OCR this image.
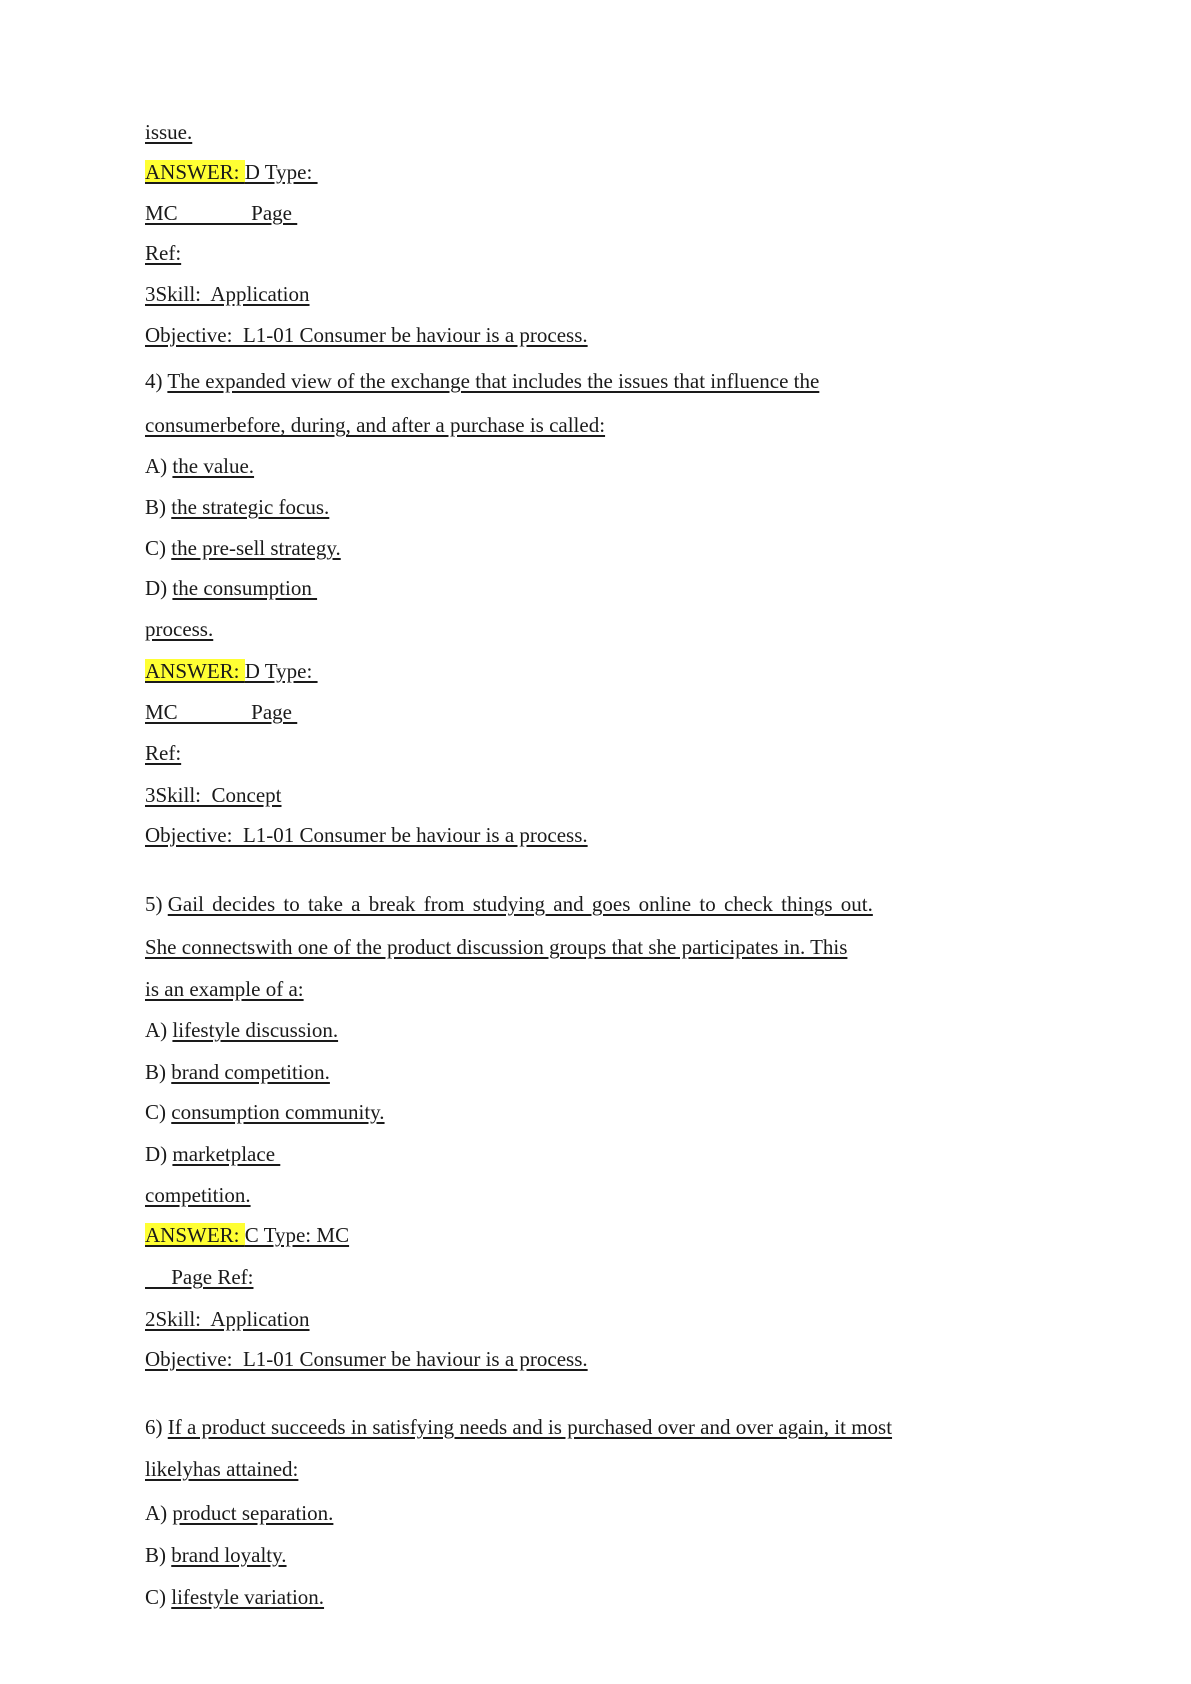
issue.
ANSWER: D Type:
MC              Page
Ref:
3Skill:  Application
Objective:  L1-01 Consumer be haviour is a process.
4) The expanded view of the exchange that includes the issues that influence the
consumerbefore, during, and after a purchase is called:
A) the value.
B) the strategic focus.
C) the pre-sell strategy.
D) the consumption
process.
ANSWER: D Type:
MC              Page
Ref:
3Skill:  Concept
Objective:  L1-01 Consumer be haviour is a process.
5) Gail decides to take a break from studying and goes online to check things out.
She connectswith one of the product discussion groups that she participates in. This
is an example of a:
A) lifestyle discussion.
B) brand competition.
C) consumption community.
D) marketplace
competition.
ANSWER: C Type: MC
Page Ref:
2Skill:  Application
Objective:  L1-01 Consumer be haviour is a process.
6) If a product succeeds in satisfying needs and is purchased over and over again, it most
likelyhas attained:
A) product separation.
B) brand loyalty.
C) lifestyle variation.
